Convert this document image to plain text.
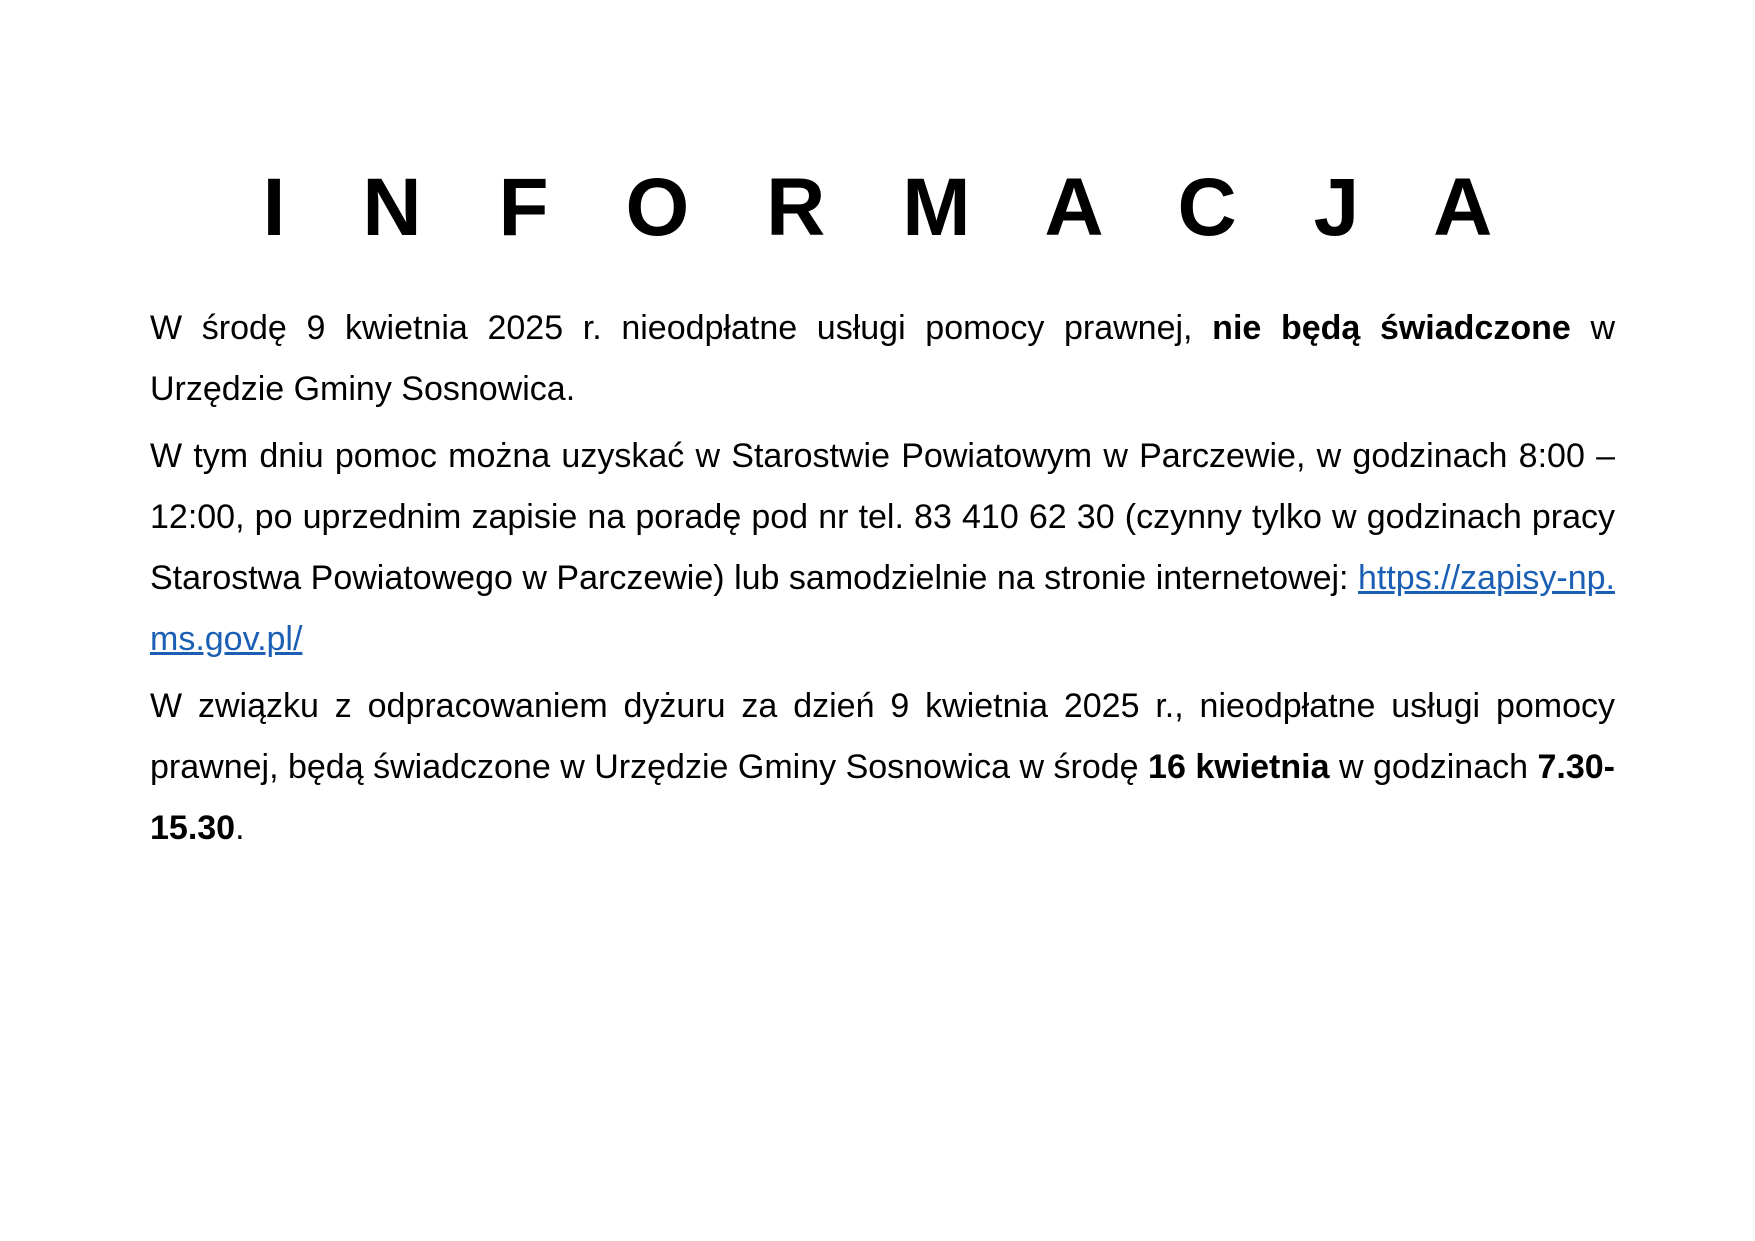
I N F O R M A C J A

W środę 9 kwietnia 2025 r. nieodpłatne usługi pomocy prawnej, nie będą świadczone w Urzędzie Gminy Sosnowica.

W tym dniu pomoc można uzyskać w Starostwie Powiatowym w Parczewie, w godzinach 8:00 – 12:00, po uprzednim zapisie na poradę pod nr tel. 83 410 62 30 (czynny tylko w godzinach pracy Starostwa Powiatowego w Parczewie) lub samodzielnie na stronie internetowej: https://zapisy-np.ms.gov.pl/

W związku z odpracowaniem dyżuru za dzień 9 kwietnia 2025 r., nieodpłatne usługi pomocy prawnej, będą świadczone w Urzędzie Gminy Sosnowica w środę 16 kwietnia w godzinach 7.30-15.30.
